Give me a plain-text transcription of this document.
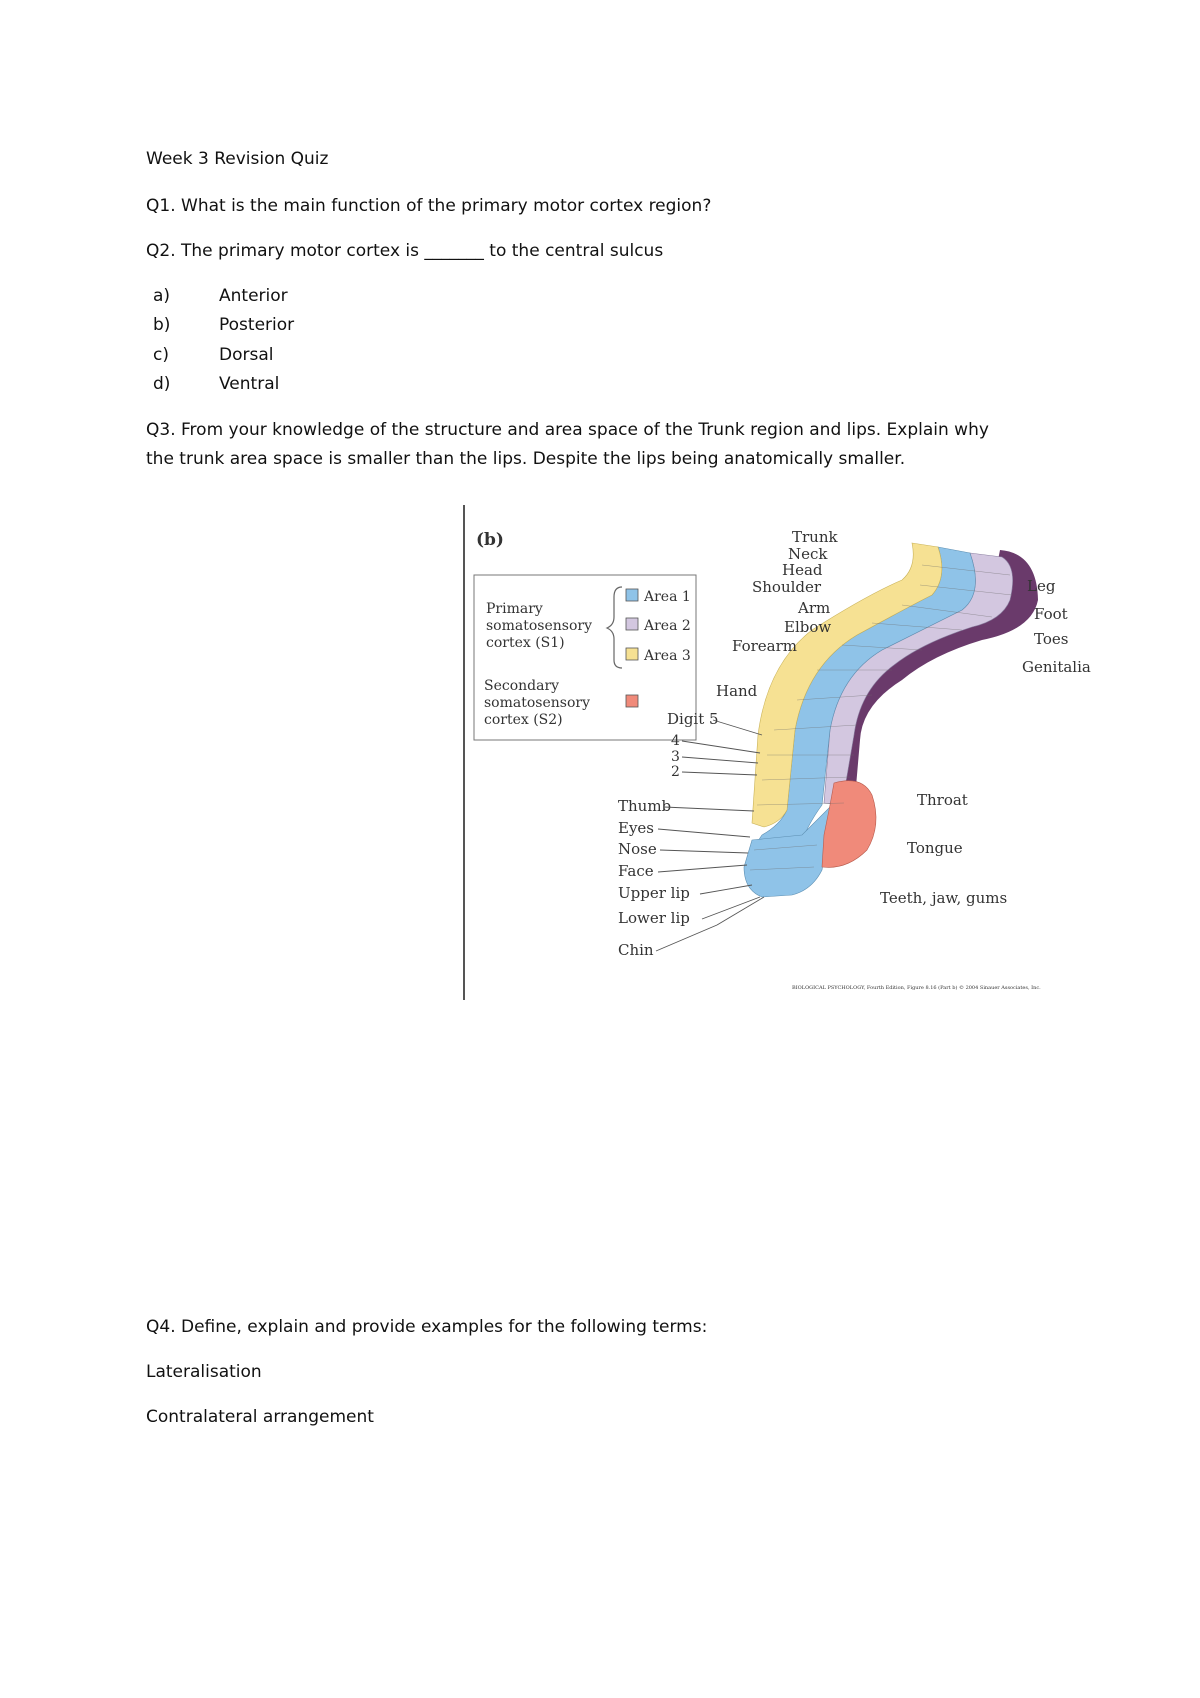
Week 3 Revision Quiz
Q1. What is the main function of the primary motor cortex region?
Q2. The primary motor cortex is _______ to the central sulcus
a)	Anterior
b)	Posterior
c)	Dorsal
d)	Ventral
Q3. From your knowledge of the structure and area space of the Trunk region and lips. Explain why
the trunk area space is smaller than the lips. Despite the lips being anatomically smaller.
(b)
Primary
somatosensory
cortex (S1)
Area 1
Area 2
Area 3
Secondary
somatosensory
cortex (S2)
Trunk
Neck
Head
Shoulder
Arm
Elbow
Forearm
Hand
Digit 5
4
3
2
Thumb
Eyes
Nose
Face
Upper lip
Lower lip
Chin
Leg
Foot
Toes
Genitalia
Throat
Tongue
Teeth, jaw, gums
BIOLOGICAL PSYCHOLOGY, Fourth Edition, Figure 8.16 (Part b) © 2004 Sinauer Associates, Inc.
Q4. Define, explain and provide examples for the following terms:
Lateralisation
Contralateral arrangement
